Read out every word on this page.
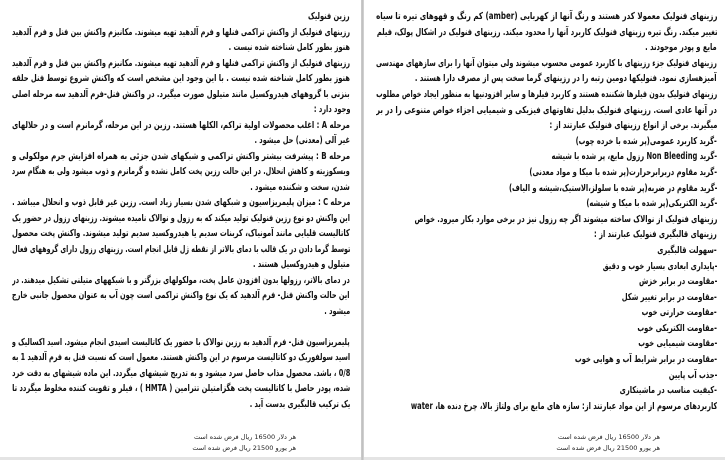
رزین فنولیک
رزینهای فنولیک از واکنش تراکمی فنلها و فرم آلدهید تهیه میشوند. مکانیزم واکنش بین فنل و فرم آلدهید
هنوز بطور کامل شناخته شده نیست .
رزینهای فنولیک از واکنش تراکمی فنلها و فرم آلدهید تهیه میشوند. مکانیزم واکنش بین فنل و فرم آلدهید
هنوز بطور کامل شناخته شده نیست . با این وجود این مشخص است که واکنش شروع توسط فنل حلقه
بنزنی با گروههای هیدروکسیل مانند متیلول صورت میگیرد. در واکنش فنل-فرم آلدهید سه مرحله اصلی
وجود دارد :
مرحله A : اغلب محصولات اولیة تراکم، الکلها هستند. رزین در این مرحله، گرمانرم است و در حلالهای
غیر آلی (معدنی) حل میشود .
مرحله B : پیشرفت بیشتر واکنش تراکمی و شبکهای شدن جزئی به همراه افزایش جرم مولکولی و
ویسکوزیته و کاهش انحلال. در این حالت رزین پخت کامل نشده و گرمانرم و ذوب میشود ولی به هنگام سرد
شدن، سخت و شکننده میشود .
مرحله C : میزان پلیمریزاسیون و شبکهای شدن بسیار زیاد است. رزین غیر قابل ذوب و انحلال میباشد .
این واکنش دو نوع رزین فنولیک تولید میکند که به رزول و نوالاک نامیده میشوند. رزینهای رزول در حضور یک
کاتالیست قلیایی مانند آمونیاک، کربنات سدیم یا هیدروکسید سدیم تولید میشوند. واکنش پخت محصول
توسط گرما دادن در یک قالب با دمای بالاتر از نقطه ژل قابل انجام است. رزینهای رزول دارای گروههای فعال
متیلول و هیدروکسیل هستند .
در دمای بالاتر، رزولها بدون افزودن عامل پخت، مولکولهای بزرگتر و با شبکههای متیلنی تشکیل میدهند. در
این حالت واکنش فنل- فرم آلدهید که یک نوع واکنش تراکمی است چون آب به عنوان محصول جانبی خارج
میشود .
پلیمریزاسیون فنل- فرم آلدهید به رزین نوالاک با حضور یک کاتالیست اسیدی انجام میشود. اسید اکسالیک و
اسید سولفوریک دو کاتالیست مرسوم در این واکنش هستند. معمول است که نسبت فنل به فرم آلدهید 1 به
0/8 ، باشد. محصول مذاب حاصل سرد میشود و به تدریج شیشهای میگردد. این ماده شیشهای به دقت خرد
شده، پودر حاصل با کاتالیست پخت هگزامتیلن تترامین ( HMTA ) ، فیلر و تقویت کننده مخلوط میگردد تا
یک ترکیب قالبگیری بدست آید .
هر دلار 16500 ریال فرض شده است
هر یورو 21500 ریال فرض شده است
رزینهای فنولیک معمولا کدر هستند و رنگ آنها از کهربایی (amber) کم رنگ و قهوهای تیره تا سیاه
تغییر میکند. رنگ تیره رزینهای فنولیک کاربرد آنها را محدود میکند. رزینهای فنولیک در اشکال پولک، فیلم
مایع و پودر موجودند .
رزینهای فنولیک جزء رزینهای با کاربرد عمومی محسوب میشوند ولی میتوان آنها را برای سازههای مهندسی
آمیزهسازی نمود. فنولیکها دومین رتبه را در رزینهای گرما سخت پس از مصرف دارا هستند .
رزینهای فنولیک بدون فیلرها شکننده هستند و کاربرد فیلرها و سایر افزودنیها به منظور ایجاد خواص مطلوب
در آنها عادی است. رزینهای فنولیک بدلیل تفاوتهای فیزیکی و شیمیایی اجزاء خواص متنوعی را در بر
میگیرند. برخی از انواع رزینهای فنولیک عبارتند از :
-گرید کاربرد عمومی(پر شده با خرده چوب)
-گرید Non Bleeding رزول مایع، پر شده با شیشه
-گرید مقاوم دربرابرحرارت(پر شده با میکا و مواد معدنی)
-گرید مقاوم در ضربه(پر شده با سلولز،الاستیک،شیشه و الیاف)
-گرید الکتریکی(پر شده با میکا و شیشه)
رزینهای فنولیک از نوالاک ساخته میشوند اگر چه رزول نیز در برخی موارد بکار میرود. خواص
رزینهای قالبگیری فنولیک عبارتند از :
-سهولت قالبگیری
-پایداری ابعادی بسیار خوب و دقیق
-مقاومت در برابر خزش
-مقاومت در برابر تغییر شکل
-مقاومت حرارتی خوب
-مقاومت الکتریکی خوب
-مقاومت شیمیایی خوب
-مقاومت در برابر شرایط آب و هوایی خوب
-جذب آب پایین
-کیفیت مناسب در ماشینکاری
کاربردهای مرسوم از این مواد عبارتند از: سازه های مایع برای ولتاژ بالا، چرخ دنده ها، water
هر دلار 16500 ریال فرض شده است
هر یورو 21500 ریال فرض شده است
